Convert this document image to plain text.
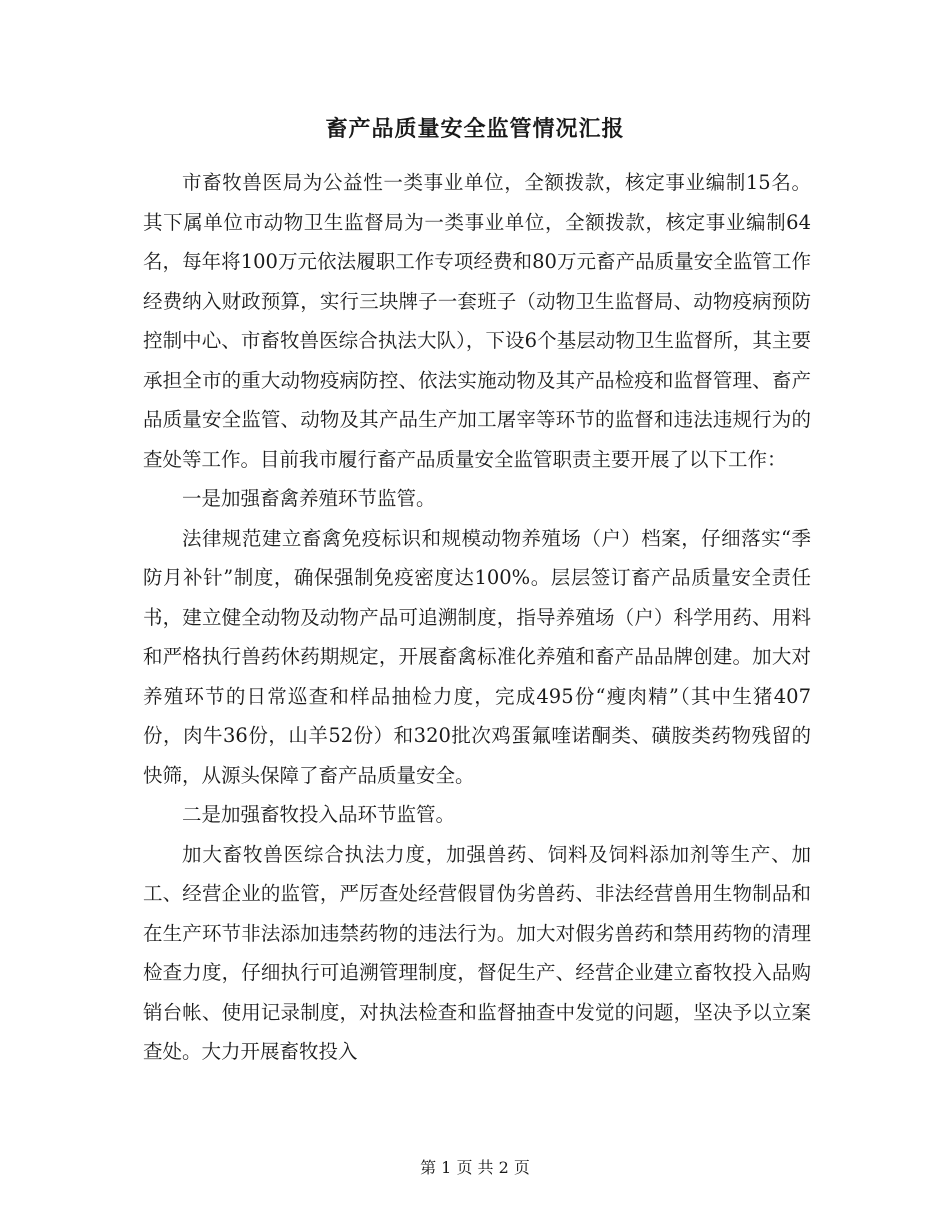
畜产品质量安全监管情况汇报

市畜牧兽医局为公益性一类事业单位，全额拨款，核定事业编制15名。其下属单位市动物卫生监督局为一类事业单位，全额拨款，核定事业编制64名，每年将100万元依法履职工作专项经费和80万元畜产品质量安全监管工作经费纳入财政预算，实行三块牌子一套班子（动物卫生监督局、动物疫病预防控制中心、市畜牧兽医综合执法大队），下设6个基层动物卫生监督所，其主要承担全市的重大动物疫病防控、依法实施动物及其产品检疫和监督管理、畜产品质量安全监管、动物及其产品生产加工屠宰等环节的监督和违法违规行为的查处等工作。目前我市履行畜产品质量安全监管职责主要开展了以下工作：

一是加强畜禽养殖环节监管。

法律规范建立畜禽免疫标识和规模动物养殖场（户）档案，仔细落实“季防月补针”制度，确保强制免疫密度达100%。层层签订畜产品质量安全责任书，建立健全动物及动物产品可追溯制度，指导养殖场（户）科学用药、用料和严格执行兽药休药期规定，开展畜禽标准化养殖和畜产品品牌创建。加大对养殖环节的日常巡查和样品抽检力度，完成495份“瘦肉精”（其中生猪407份，肉牛36份，山羊52份）和320批次鸡蛋氟喹诺酮类、磺胺类药物残留的快筛，从源头保障了畜产品质量安全。

二是加强畜牧投入品环节监管。

加大畜牧兽医综合执法力度，加强兽药、饲料及饲料添加剂等生产、加工、经营企业的监管，严厉查处经营假冒伪劣兽药、非法经营兽用生物制品和在生产环节非法添加违禁药物的违法行为。加大对假劣兽药和禁用药物的清理检查力度，仔细执行可追溯管理制度，督促生产、经营企业建立畜牧投入品购销台帐、使用记录制度，对执法检查和监督抽查中发觉的问题，坚决予以立案查处。大力开展畜牧投入

第 1 页 共 2 页
